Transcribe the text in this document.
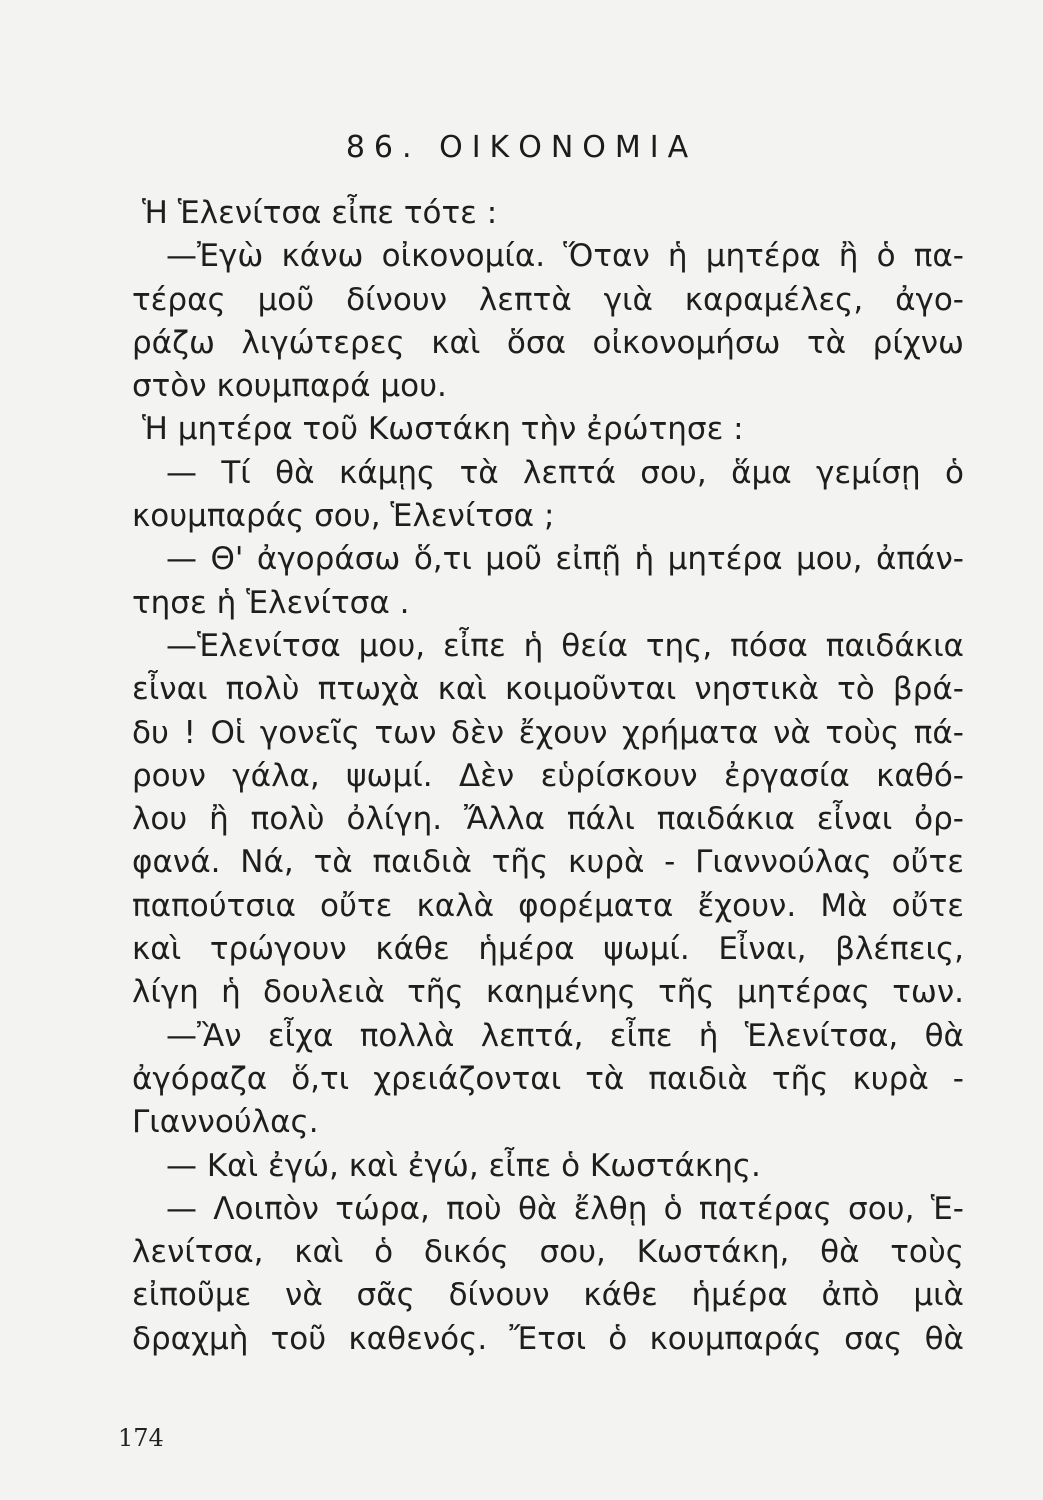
86. ΟΙΚΟΝΟΜΙΑ
Ἡ Ἑλενίτσα εἶπε τότε :
—Ἐγὼ κάνω οἰκονομία. Ὅταν ἡ μητέρα ἢ ὁ πα-
τέρας μοῦ δίνουν λεπτὰ γιὰ καραμέλες, ἀγο-
ράζω λιγώτερες καὶ ὅσα οἰκονομήσω τὰ ρίχνω
στὸν κουμπαρά μου.
Ἡ μητέρα τοῦ Κωστάκη τὴν ἐρώτησε :
— Τί θὰ κάμῃς τὰ λεπτά σου, ἅμα γεμίσῃ ὁ
κουμπαράς σου, Ἑλενίτσα ;
— Θ' ἀγοράσω ὅ,τι μοῦ εἰπῇ ἡ μητέρα μου, ἀπάν-
τησε ἡ Ἑλενίτσα .
—Ἑλενίτσα μου, εἶπε ἡ θεία της, πόσα παιδάκια
εἶναι πολὺ πτωχὰ καὶ κοιμοῦνται νηστικὰ τὸ βρά-
δυ ! Οἱ γονεῖς των δὲν ἔχουν χρήματα νὰ τοὺς πά-
ρουν γάλα, ψωμί. Δὲν εὑρίσκουν ἐργασία καθό-
λου ἢ πολὺ ὀλίγη. Ἄλλα πάλι παιδάκια εἶναι ὀρ-
φανά. Νά, τὰ παιδιὰ τῆς κυρὰ - Γιαννούλας οὔτε
παπούτσια οὔτε καλὰ φορέματα ἔχουν. Μὰ οὔτε
καὶ τρώγουν κάθε ἡμέρα ψωμί. Εἶναι, βλέπεις,
λίγη ἡ δουλειὰ τῆς καημένης τῆς μητέρας των.
—Ἂν εἶχα πολλὰ λεπτά, εἶπε ἡ Ἑλενίτσα, θὰ
ἀγόραζα ὅ,τι χρειάζονται τὰ παιδιὰ τῆς κυρὰ -
Γιαννούλας.
— Καὶ ἐγώ, καὶ ἐγώ, εἶπε ὁ Κωστάκης.
— Λοιπὸν τώρα, ποὺ θὰ ἔλθῃ ὁ πατέρας σου, Ἑ-
λενίτσα, καὶ ὁ δικός σου, Κωστάκη, θὰ τοὺς
εἰποῦμε νὰ σᾶς δίνουν κάθε ἡμέρα ἀπὸ μιὰ
δραχμὴ τοῦ καθενός. Ἔτσι ὁ κουμπαράς σας θὰ
174
